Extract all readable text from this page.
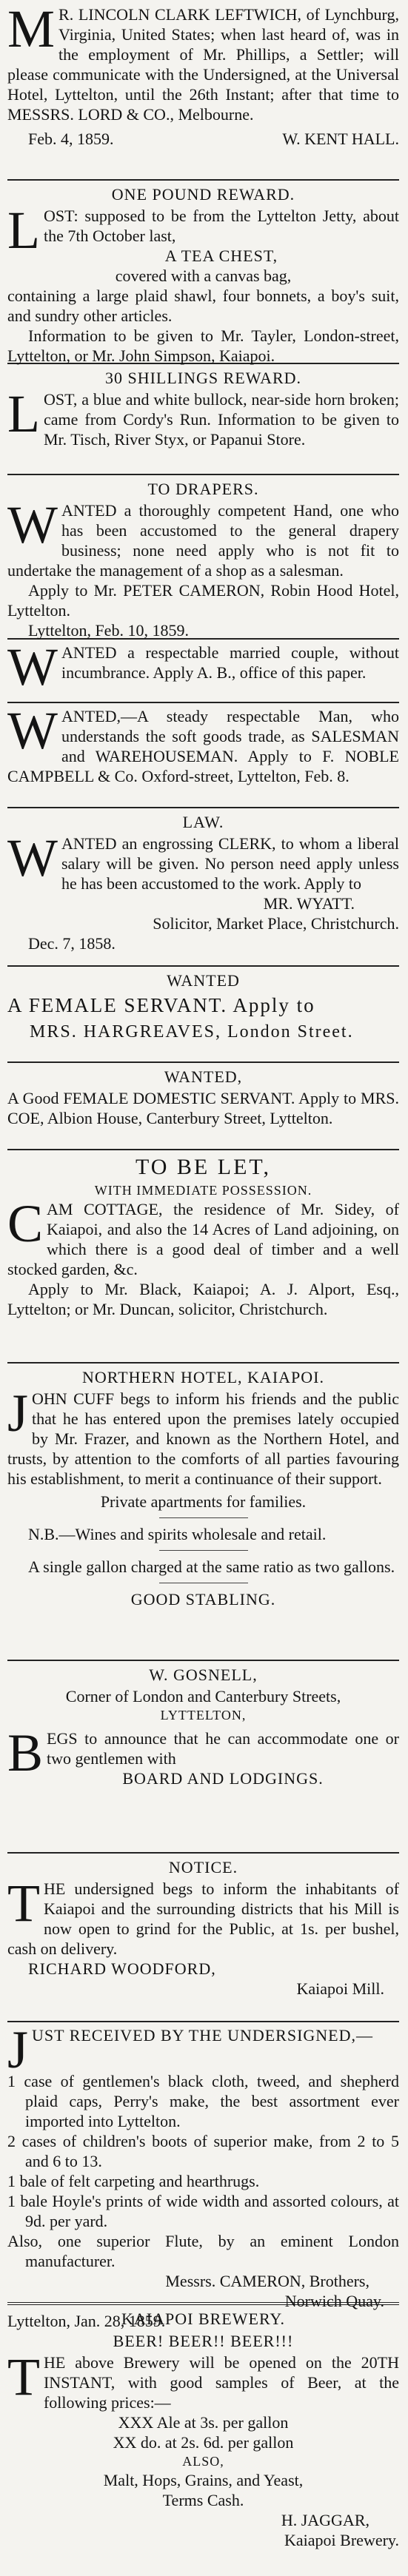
M R. LINCOLN CLARK LEFTWICH, of Lynchburg, Virginia, United States; when last heard of, was in the employment of Mr. Phillips, a Settler; will please communicate with the Undersigned, at the Universal Hotel, Lyttelton, until the 26th Instant; after that time to MESSRS. LORD & CO., Melbourne.

Feb. 4, 1859.	W. KENT HALL.

ONE POUND REWARD.
L OST: supposed to be from the Lyttelton Jetty, about the 7th October last,

A TEA CHEST,

covered with a canvas bag,

containing a large plaid shawl, four bonnets, a boy's suit, and sundry other articles.

Information to be given to Mr. Tayler, London-street, Lyttelton, or Mr. John Simpson, Kaiapoi.

30 SHILLINGS REWARD.
L OST, a blue and white bullock, near-side horn broken; came from Cordy's Run. Information to be given to Mr. Tisch, River Styx, or Papanui Store.

TO DRAPERS.
W ANTED a thoroughly competent Hand, one who has been accustomed to the general drapery business; none need apply who is not fit to undertake the management of a shop as a salesman.

Apply to Mr. PETER CAMERON, Robin Hood Hotel, Lyttelton.

Lyttelton, Feb. 10, 1859.

W ANTED a respectable married couple, without incumbrance. Apply A. B., office of this paper.

W ANTED,—A steady respectable Man, who understands the soft goods trade, as SALESMAN and WAREHOUSEMAN. Apply to F. NOBLE CAMPBELL & Co. Oxford-street, Lyttelton, Feb. 8.

LAW.
W ANTED an engrossing CLERK, to whom a liberal salary will be given. No person need apply unless he has been accustomed to the work. Apply to

MR. WYATT.

Solicitor, Market Place, Christchurch.

Dec. 7, 1858.

WANTED

A FEMALE SERVANT. Apply to

MRS. HARGREAVES, London Street.

WANTED,

A Good FEMALE DOMESTIC SERVANT. Apply to MRS. COE, Albion House, Canterbury Street, Lyttelton.

TO BE LET,
WITH IMMEDIATE POSSESSION.
C AM COTTAGE, the residence of Mr. Sidey, of Kaiapoi, and also the 14 Acres of Land adjoining, on which there is a good deal of timber and a well stocked garden, &c.

Apply to Mr. Black, Kaiapoi; A. J. Alport, Esq., Lyttelton; or Mr. Duncan, solicitor, Christchurch.

NORTHERN HOTEL, KAIAPOI.
J OHN CUFF begs to inform his friends and the public that he has entered upon the premises lately occupied by Mr. Frazer, and known as the Northern Hotel, and trusts, by attention to the comforts of all parties favouring his establishment, to merit a continuance of their support.

Private apartments for families.

N.B.—Wines and spirits wholesale and retail.

A single gallon charged at the same ratio as two gallons.

GOOD STABLING.

W. GOSNELL,

Corner of London and Canterbury Streets,

LYTTELTON,

B EGS to announce that he can accommodate one or two gentlemen with

BOARD AND LODGINGS.

NOTICE.
T HE undersigned begs to inform the inhabitants of Kaiapoi and the surrounding districts that his Mill is now open to grind for the Public, at 1s. per bushel, cash on delivery.

RICHARD WOODFORD,

Kaiapoi Mill.

J UST RECEIVED BY THE UNDERSIGNED,—

1 case of gentlemen's black cloth, tweed, and shepherd plaid caps, Perry's make, the best assortment ever imported into Lyttelton.

2 cases of children's boots of superior make, from 2 to 5 and 6 to 13.

1 bale of felt carpeting and hearthrugs.

1 bale Hoyle's prints of wide width and assorted colours, at 9d. per yard.

Also, one superior Flute, by an eminent London manufacturer.

Messrs. CAMERON, Brothers,

Norwich Quay.

Lyttelton, Jan. 28, 1859.

KAIAPOI BREWERY.
BEER! BEER!! BEER!!!
T HE above Brewery will be opened on the 20TH INSTANT, with good samples of Beer, at the following prices:—

XXX Ale at 3s. per gallon

XX do. at 2s. 6d. per gallon

ALSO,

Malt, Hops, Grains, and Yeast,

Terms Cash.

H. JAGGAR,

Kaiapoi Brewery.
